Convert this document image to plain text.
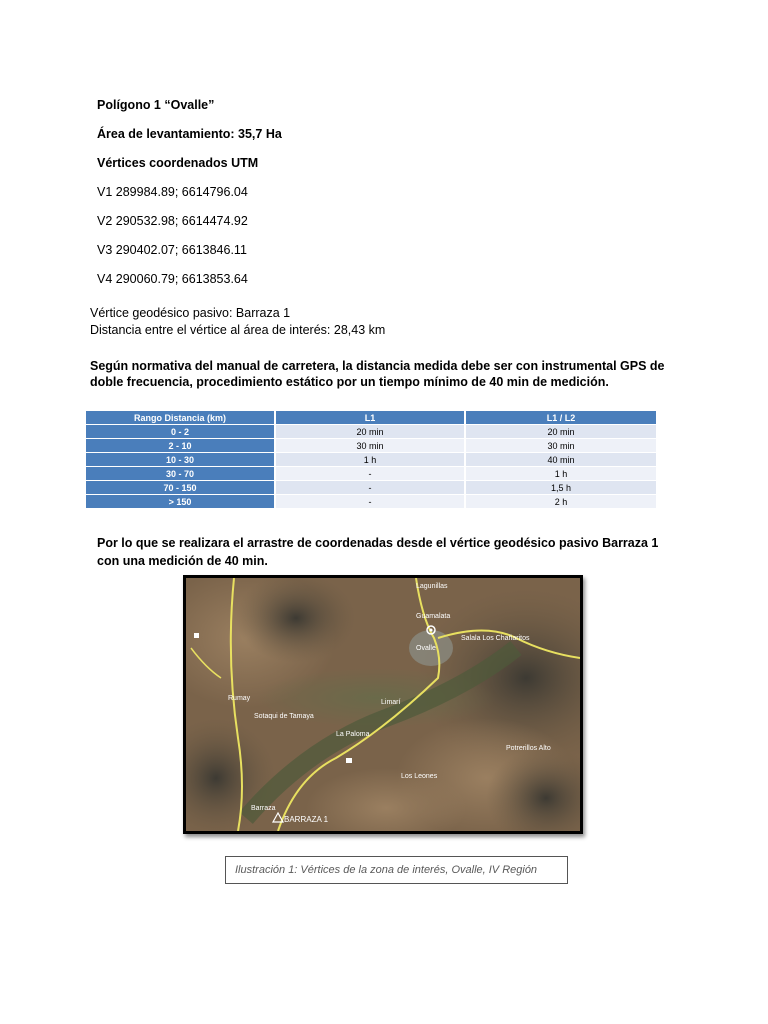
Polígono 1 “Ovalle”
Área de levantamiento: 35,7 Ha
Vértices coordenados UTM
V1 289984.89; 6614796.04
V2 290532.98; 6614474.92
V3 290402.07; 6613846.11
V4 290060.79; 6613853.64
Vértice geodésico pasivo: Barraza 1
Distancia entre el vértice al área de interés: 28,43 km
Según normativa del manual de carretera, la distancia medida debe ser con instrumental GPS de doble frecuencia, procedimiento estático por un tiempo mínimo de 40 min de medición.
Rango Distancia (km)	L1	L1 / L2
0 - 2	20 min	20 min
2 - 10	30 min	30 min
10 - 30	1 h	40 min
30 - 70	-	1 h
70 - 150	-	1,5 h
> 150	-	2 h
Por lo que se realizara el arrastre de coordenadas desde el vértice geodésico pasivo Barraza 1
con una medición de 40 min.
Lagunillas
Guamalata
Ovalle
Salala Los Chañaritos
Rumay
Sotaqui de Tamaya
Limarí
La Paloma
Potrerillos Alto
Los Leones
Barraza
BARRAZA 1
Ilustración 1: Vértices de la zona de interés, Ovalle, IV Región
